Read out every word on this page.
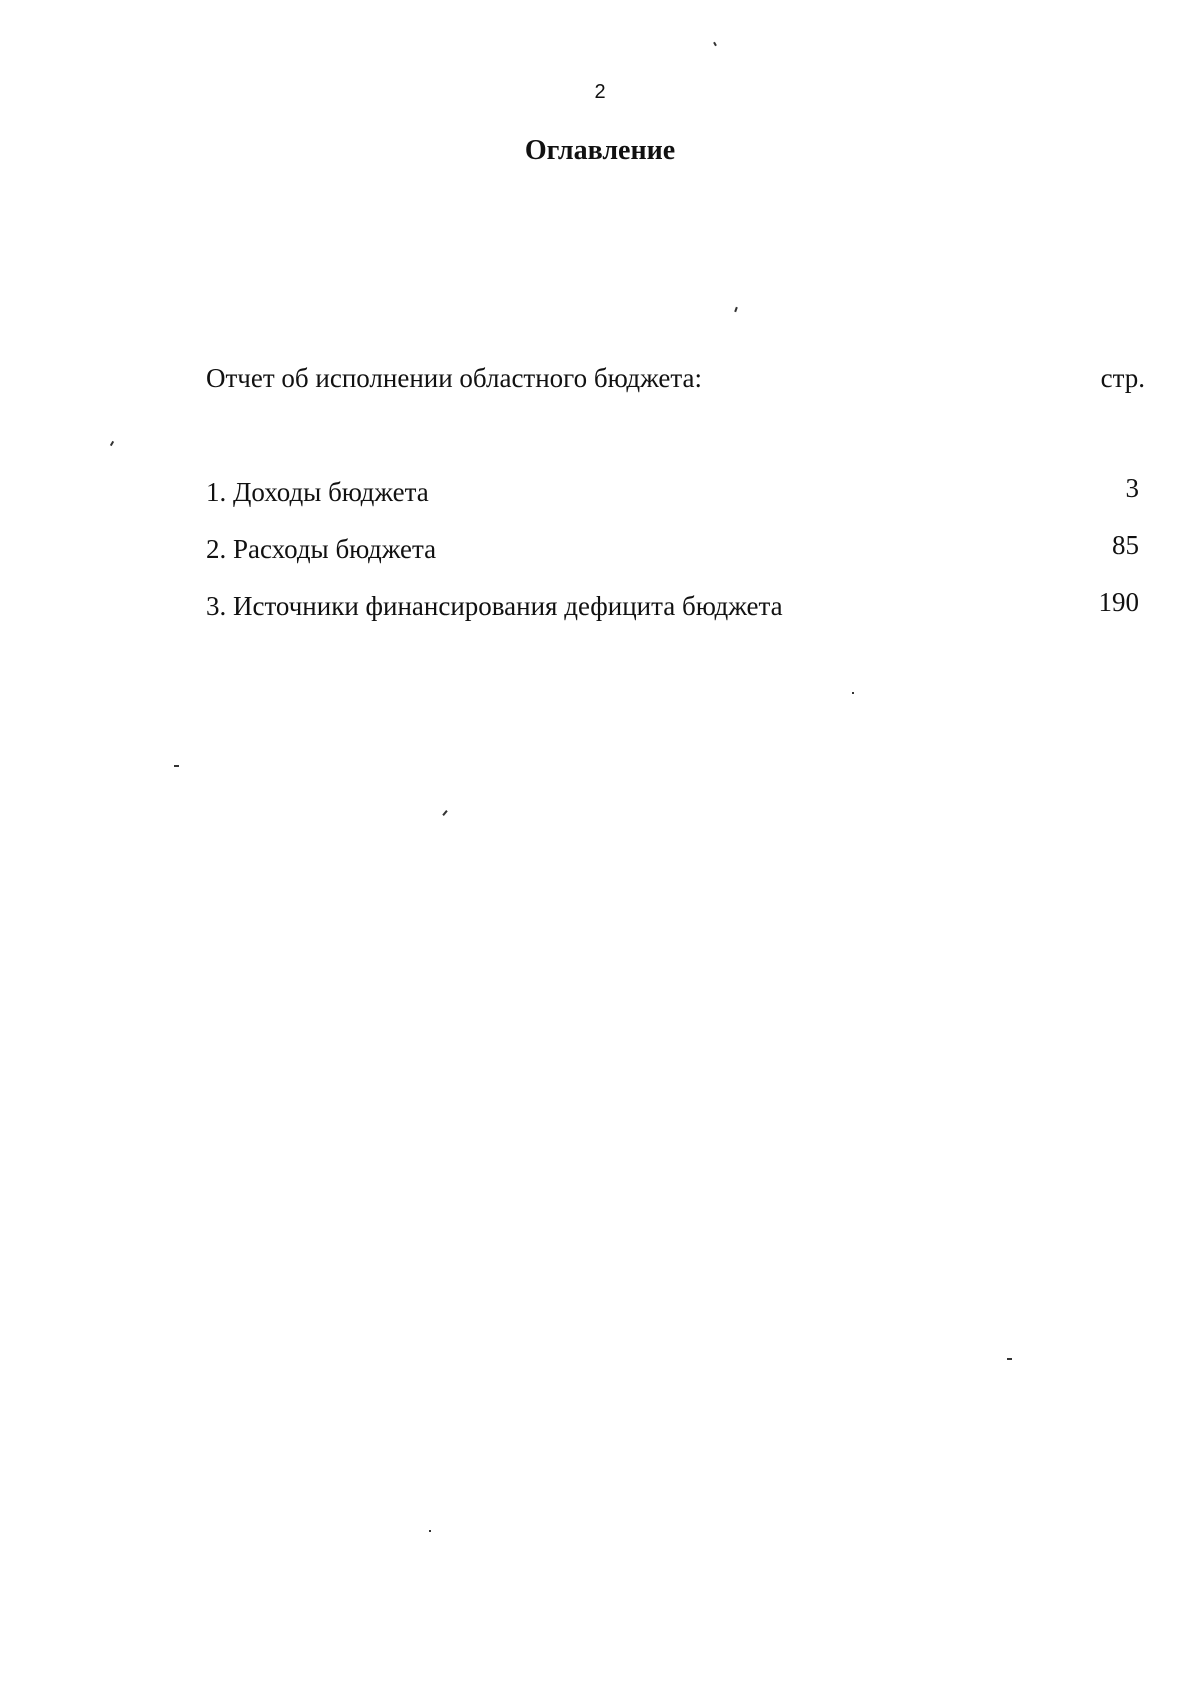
2
Оглавление
Отчет об исполнении областного бюджета:	стр.
1. Доходы бюджета	3
2. Расходы бюджета	85
3. Источники финансирования дефицита бюджета	190
